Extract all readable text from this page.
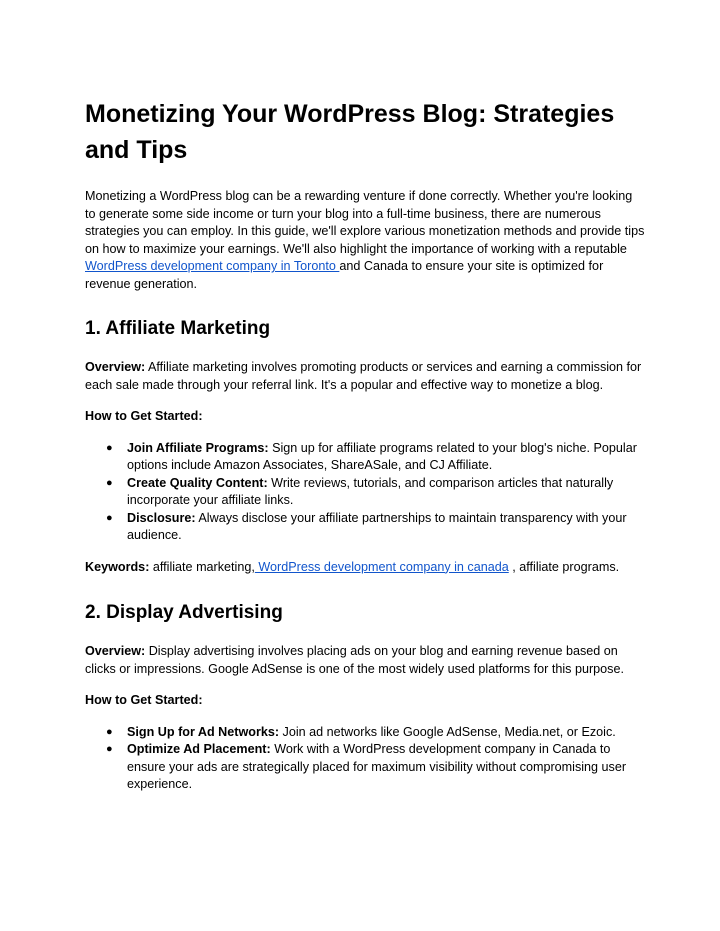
Monetizing Your WordPress Blog: Strategies and Tips

Monetizing a WordPress blog can be a rewarding venture if done correctly. Whether you're looking to generate some side income or turn your blog into a full-time business, there are numerous strategies you can employ. In this guide, we'll explore various monetization methods and provide tips on how to maximize your earnings. We'll also highlight the importance of working with a reputable WordPress development company in Toronto and Canada to ensure your site is optimized for revenue generation.

1. Affiliate Marketing

Overview: Affiliate marketing involves promoting products or services and earning a commission for each sale made through your referral link. It's a popular and effective way to monetize a blog.

How to Get Started:

● Join Affiliate Programs: Sign up for affiliate programs related to your blog's niche. Popular options include Amazon Associates, ShareASale, and CJ Affiliate.
● Create Quality Content: Write reviews, tutorials, and comparison articles that naturally incorporate your affiliate links.
● Disclosure: Always disclose your affiliate partnerships to maintain transparency with your audience.

Keywords: affiliate marketing, WordPress development company in canada , affiliate programs.

2. Display Advertising

Overview: Display advertising involves placing ads on your blog and earning revenue based on clicks or impressions. Google AdSense is one of the most widely used platforms for this purpose.

How to Get Started:

● Sign Up for Ad Networks: Join ad networks like Google AdSense, Media.net, or Ezoic.
● Optimize Ad Placement: Work with a WordPress development company in Canada to ensure your ads are strategically placed for maximum visibility without compromising user experience.
